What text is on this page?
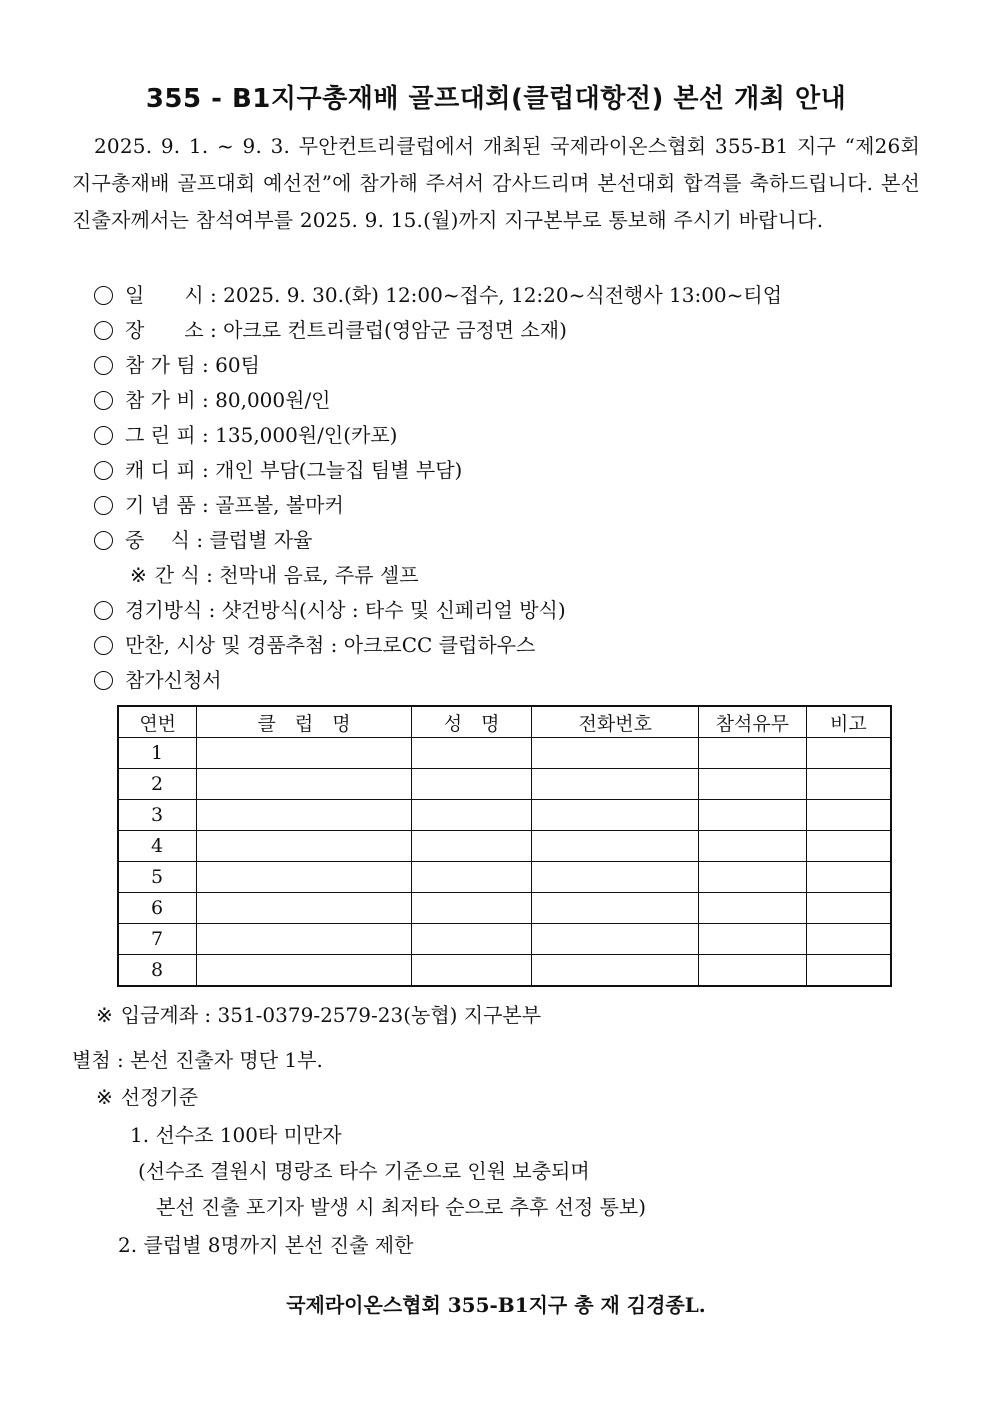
355 - B1지구총재배 골프대회(클럽대항전) 본선 개최 안내

2025. 9. 1. ~ 9. 3. 무안컨트리클럽에서 개최된 국제라이온스협회 355-B1 지구 “제26회 지구총재배 골프대회 예선전”에 참가해 주셔서 감사드리며 본선대회 합격를 축하드립니다. 본선 진출자께서는 참석여부를 2025. 9. 15.(월)까지 지구본부로 통보해 주시기 바랍니다.

일　　시 : 2025. 9. 30.(화) 12:00~접수, 12:20~식전행사 13:00~티업
장　　소 : 아크로 컨트리클럽(영암군 금정면 소재)
참 가 팀 : 60팀
참 가 비 : 80,000원/인
그 린 피 : 135,000원/인(카포)
캐 디 피 : 개인 부담(그늘집 팀별 부담)
기 념 품 : 골프볼, 볼마커
중　 식 : 클럽별 자율
※ 간 식 : 천막내 음료, 주류 셀프
경기방식 : 샷건방식(시상 : 타수 및 신페리얼 방식)
만찬, 시상 및 경품추첨 : 아크로CC 클럽하우스
참가신청서
연번	클　럽　명	성　명	전화번호	참석유무	비고
1					
2					
3					
4					
5					
6					
7					
8					
※ 입금계좌 : 351-0379-2579-23(농협) 지구본부
별첨 : 본선 진출자 명단 1부.
※ 선정기준
1. 선수조 100타 미만자
(선수조 결원시 명랑조 타수 기준으로 인원 보충되며
본선 진출 포기자 발생 시 최저타 순으로 추후 선정 통보)
2. 클럽별 8명까지 본선 진출 제한
국제라이온스협회 355-B1지구 총 재 김경종L.
